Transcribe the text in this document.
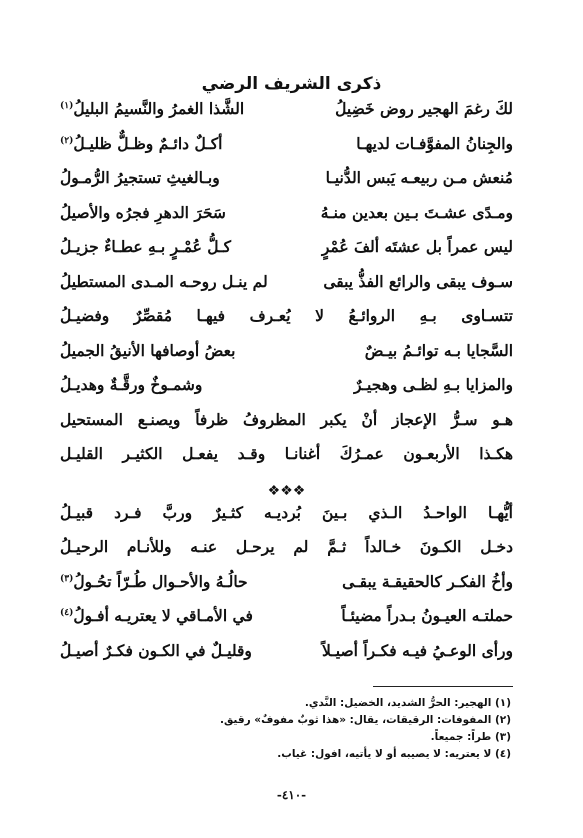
ذكرى الشريف الرضي
لكَ رغمَ الهجير روض خَضِيلُ
الشَّذا الغمرُ والنَّسيمُ البليلُ$^{(١)}$
والجِنانُ المفوَّفـات لديهـا
أكـلٌ دائـمٌ وظـلٌّ ظليـلُ$^{(٢)}$
مُنعش مـن ربيعـه يَبس الدُّنيـا
وبـالغيثِ تستجيرُ الرُّمـولُ
ومـدًى عشـتَ بـين بعدين منـهُ
سَحَرَ الدهرِ فجرُه والأصيلُ
ليس عمراً بل عشتَه ألفَ عُمْرٍ
كـلُّ عُمْـرٍ بـهِ عطـاءٌ جزيـلُ
سـوف يبقى والرائع الفذُّ يبقى
لم ينـل روحـه المـدى المستطيلُ
تتسـاوى بـهِ الروائـعُ لا يُعـرف فيهـا مُقصِّرٌ وفضيـلُ
السَّجايا بـه توائـمُ بيـضٌ
بعضُ أوصافها الأنيقُ الجميلُ
والمزايا بـهِ لظـى وهجيـرٌ
وشمـوخٌ ورقَّـةٌ وهديـلُ
هـو سـرُّ الإعجاز أنْ يكبر المظروفُ ظرفاً ويصنـع المستحيل
هكـذا الأربعـون عمـرُكَ أغنانـا وقـد يفعـل الكثيـر القليـل
❖❖❖
أيُّهـا الواحـدُ الـذي بـينَ بُرديـه كثـيرٌ وربَّ فـرد قبيـلُ
دخـل الكـونَ خـالداً ثـمَّ لم يرحـل عنـه وللأنـام الرحيـلُ
وأخُ الفكـر كالحقيقـة يبقـى
حالُـهُ والأحـوال طُـرّاً تحُـولُ$^{(٣)}$
حملتـه العيـونُ بـدراً مضيئـاً
في الأمـاقي لا يعتريـه أفـولُ$^{(٤)}$
ورأى الوعـيُ فيـه فكـراً أصيـلاً
وقليـلٌ في الكـون فكـرٌ أصيـلُ
(١) الهجير: الحرُّ الشديد، الخضيل: النَّدي.
(٢) المفوفات: الرقيقات، يقال: «هذا ثوبٌ مفوفٌ» رقيق.
(٣) طراً: جميعاً.
(٤) لا يعتريه: لا يصيبه أو لا يأتيه، افول: غياب.
-٤١٠-
